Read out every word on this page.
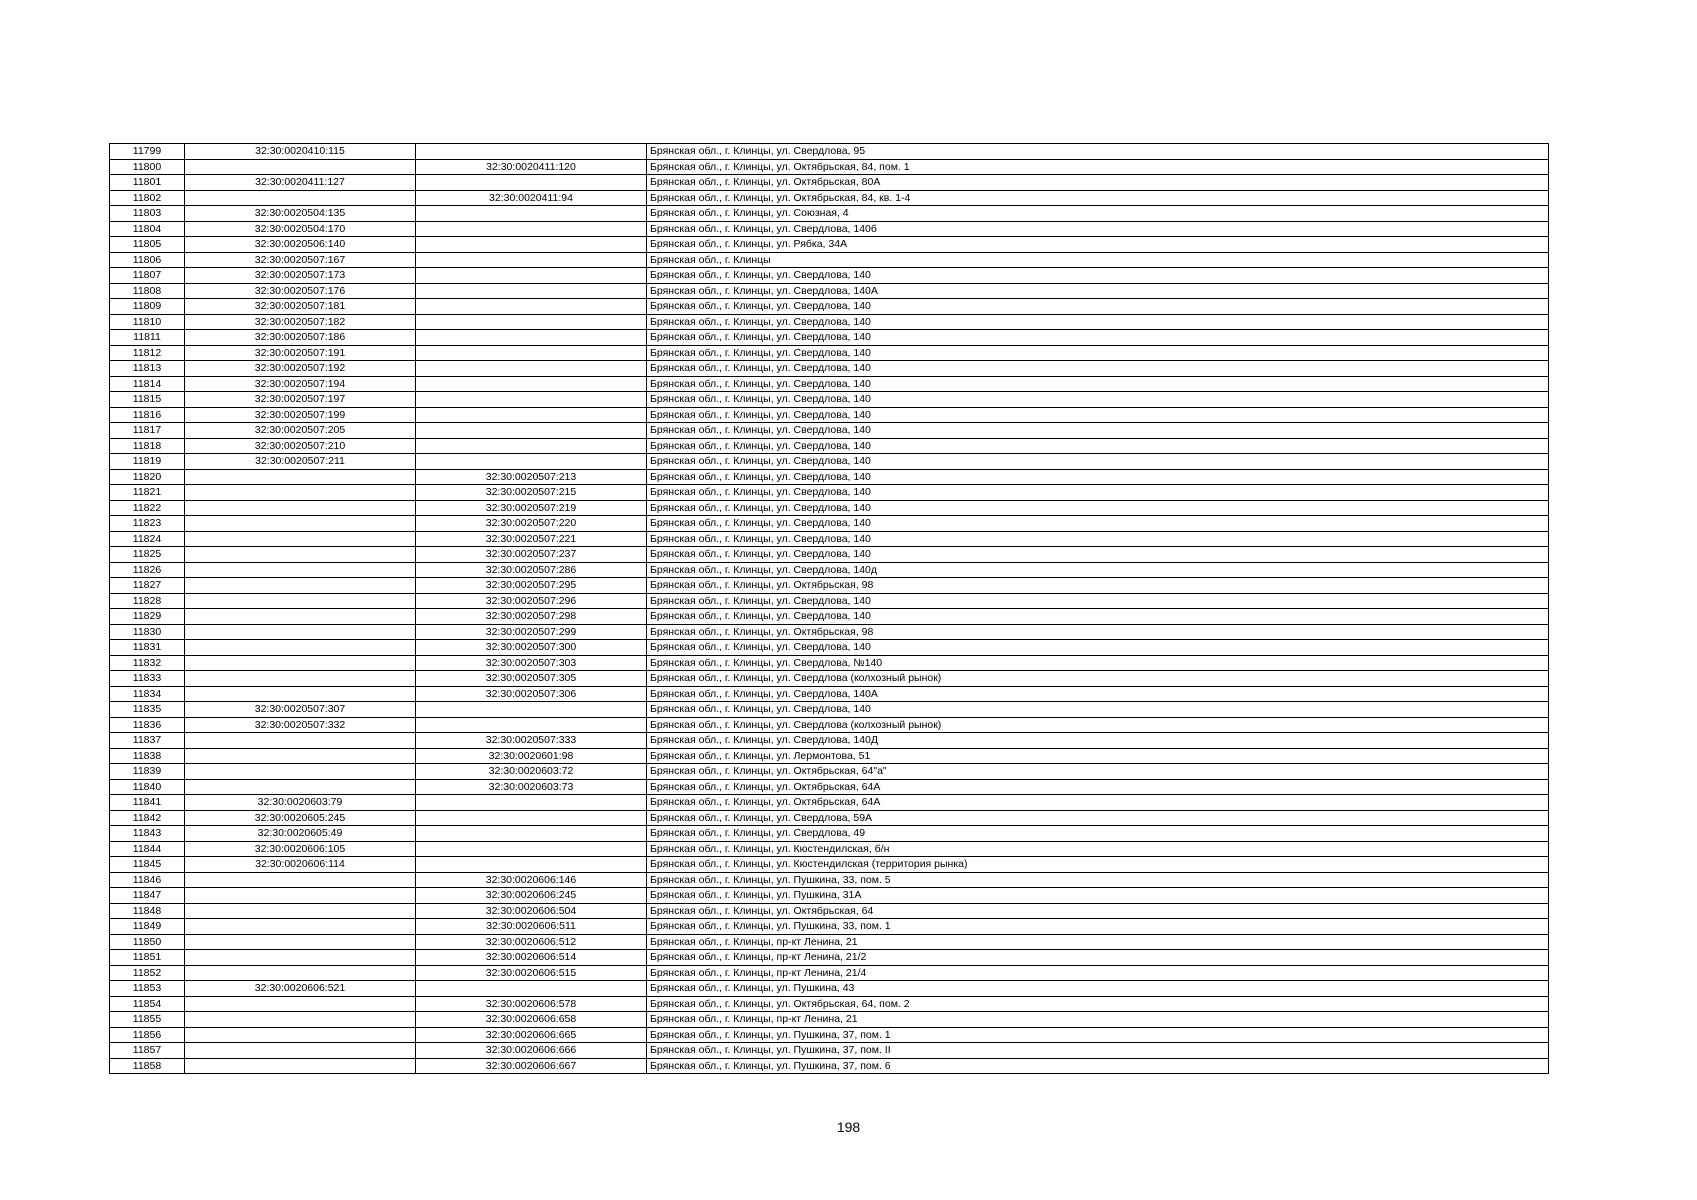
11799	32:30:0020410:115		Брянская обл., г. Клинцы, ул. Свердлова, 95
11800		32:30:0020411:120	Брянская обл., г. Клинцы, ул. Октябрьская, 84, пом. 1
11801	32:30:0020411:127		Брянская обл., г. Клинцы, ул. Октябрьская, 80А
11802		32:30:0020411:94	Брянская обл., г. Клинцы, ул. Октябрьская, 84, кв. 1-4
11803	32:30:0020504:135		Брянская обл., г. Клинцы, ул. Союзная, 4
11804	32:30:0020504:170		Брянская обл., г. Клинцы, ул. Свердлова, 140б
11805	32:30:0020506:140		Брянская обл., г. Клинцы, ул. Рябка, 34А
11806	32:30:0020507:167		Брянская обл., г. Клинцы
11807	32:30:0020507:173		Брянская обл., г. Клинцы, ул. Свердлова, 140
11808	32:30:0020507:176		Брянская обл., г. Клинцы, ул. Свердлова, 140А
11809	32:30:0020507:181		Брянская обл., г. Клинцы, ул. Свердлова, 140
11810	32:30:0020507:182		Брянская обл., г. Клинцы, ул. Свердлова, 140
11811	32:30:0020507:186		Брянская обл., г. Клинцы, ул. Свердлова, 140
11812	32:30:0020507:191		Брянская обл., г. Клинцы, ул. Свердлова, 140
11813	32:30:0020507:192		Брянская обл., г. Клинцы, ул. Свердлова, 140
11814	32:30:0020507:194		Брянская обл., г. Клинцы, ул. Свердлова, 140
11815	32:30:0020507:197		Брянская обл., г. Клинцы, ул. Свердлова, 140
11816	32:30:0020507:199		Брянская обл., г. Клинцы, ул. Свердлова, 140
11817	32:30:0020507:205		Брянская обл., г. Клинцы, ул. Свердлова, 140
11818	32:30:0020507:210		Брянская обл., г. Клинцы, ул. Свердлова, 140
11819	32:30:0020507:211		Брянская обл., г. Клинцы, ул. Свердлова, 140
11820		32:30:0020507:213	Брянская обл., г. Клинцы, ул. Свердлова, 140
11821		32:30:0020507:215	Брянская обл., г. Клинцы, ул. Свердлова, 140
11822		32:30:0020507:219	Брянская обл., г. Клинцы, ул. Свердлова, 140
11823		32:30:0020507:220	Брянская обл., г. Клинцы, ул. Свердлова, 140
11824		32:30:0020507:221	Брянская обл., г. Клинцы, ул. Свердлова, 140
11825		32:30:0020507:237	Брянская обл., г. Клинцы, ул. Свердлова, 140
11826		32:30:0020507:286	Брянская обл., г. Клинцы, ул. Свердлова, 140д
11827		32:30:0020507:295	Брянская обл., г. Клинцы, ул. Октябрьская, 98
11828		32:30:0020507:296	Брянская обл., г. Клинцы, ул. Свердлова, 140
11829		32:30:0020507:298	Брянская обл., г. Клинцы, ул. Свердлова, 140
11830		32:30:0020507:299	Брянская обл., г. Клинцы, ул. Октябрьская, 98
11831		32:30:0020507:300	Брянская обл., г. Клинцы, ул. Свердлова, 140
11832		32:30:0020507:303	Брянская обл., г. Клинцы, ул. Свердлова, №140
11833		32:30:0020507:305	Брянская обл., г. Клинцы, ул. Свердлова (колхозный рынок)
11834		32:30:0020507:306	Брянская обл., г. Клинцы, ул. Свердлова, 140А
11835	32:30:0020507:307		Брянская обл., г. Клинцы, ул. Свердлова, 140
11836	32:30:0020507:332		Брянская обл., г. Клинцы, ул. Свердлова (колхозный рынок)
11837		32:30:0020507:333	Брянская обл., г. Клинцы, ул. Свердлова, 140Д
11838		32:30:0020601:98	Брянская обл., г. Клинцы, ул. Лермонтова, 51
11839		32:30:0020603:72	Брянская обл., г. Клинцы, ул. Октябрьская, 64"а"
11840		32:30:0020603:73	Брянская обл., г. Клинцы, ул. Октябрьская, 64А
11841	32:30:0020603:79		Брянская обл., г. Клинцы, ул. Октябрьская, 64А
11842	32:30:0020605:245		Брянская обл., г. Клинцы, ул. Свердлова, 59А
11843	32:30:0020605:49		Брянская обл., г. Клинцы, ул. Свердлова, 49
11844	32:30:0020606:105		Брянская обл., г. Клинцы, ул. Кюстендилская, б/н
11845	32:30:0020606:114		Брянская обл., г. Клинцы, ул. Кюстендилская (территория рынка)
11846		32:30:0020606:146	Брянская обл., г. Клинцы, ул. Пушкина, 33, пом. 5
11847		32:30:0020606:245	Брянская обл., г. Клинцы, ул. Пушкина, 31А
11848		32:30:0020606:504	Брянская обл., г. Клинцы, ул. Октябрьская, 64
11849		32:30:0020606:511	Брянская обл., г. Клинцы, ул. Пушкина, 33, пом. 1
11850		32:30:0020606:512	Брянская обл., г. Клинцы, пр-кт Ленина, 21
11851		32:30:0020606:514	Брянская обл., г. Клинцы, пр-кт Ленина, 21/2
11852		32:30:0020606:515	Брянская обл., г. Клинцы, пр-кт Ленина, 21/4
11853	32:30:0020606:521		Брянская обл., г. Клинцы, ул. Пушкина, 43
11854		32:30:0020606:578	Брянская обл., г. Клинцы, ул. Октябрьская, 64, пом. 2
11855		32:30:0020606:658	Брянская обл., г. Клинцы, пр-кт Ленина, 21
11856		32:30:0020606:665	Брянская обл., г. Клинцы, ул. Пушкина, 37, пом. 1
11857		32:30:0020606:666	Брянская обл., г. Клинцы, ул. Пушкина, 37, пом. II
11858		32:30:0020606:667	Брянская обл., г. Клинцы, ул. Пушкина, 37, пом. 6
198
